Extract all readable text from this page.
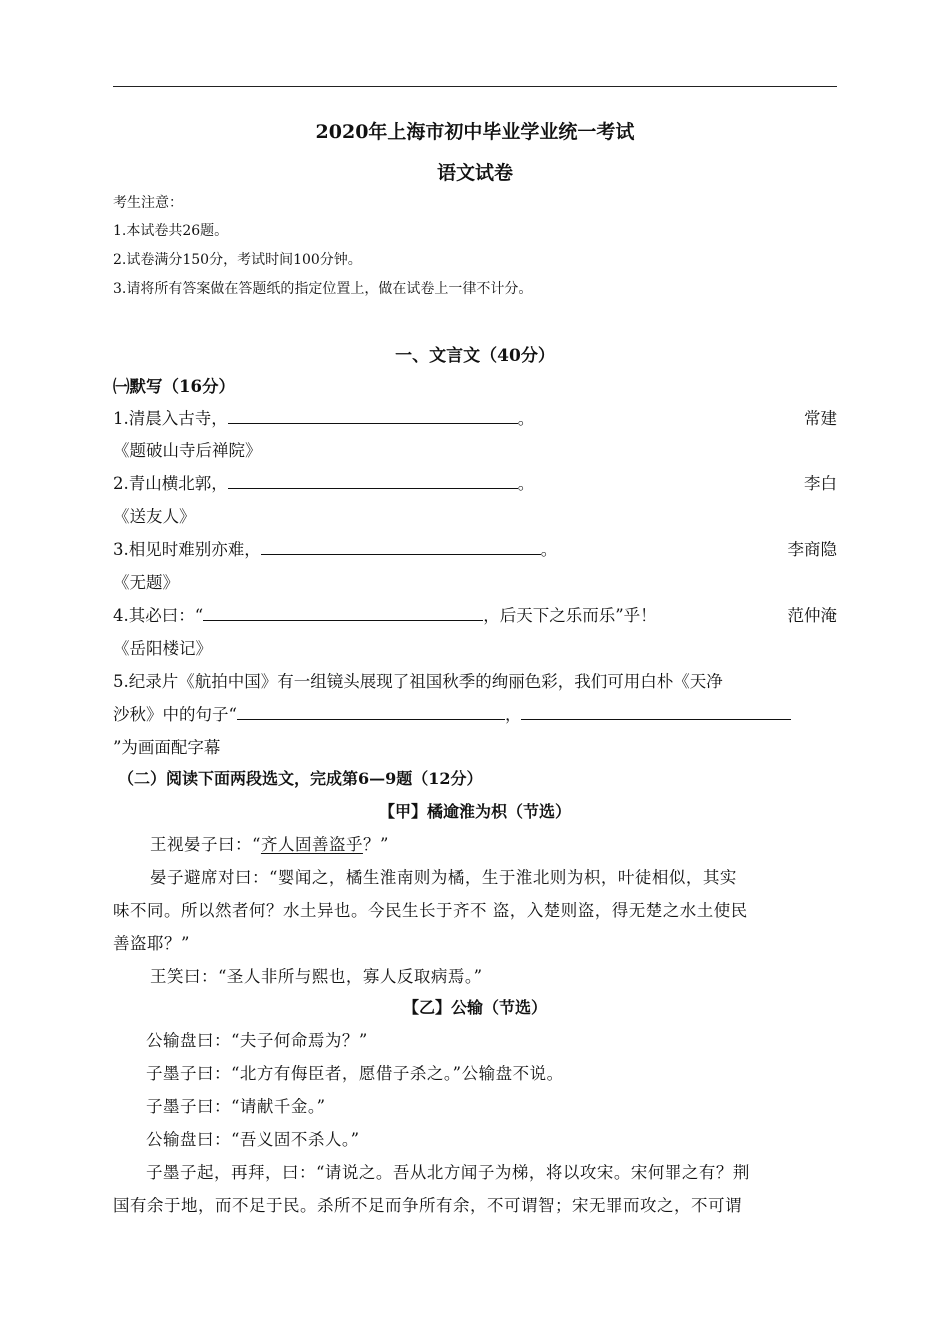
2020年上海市初中毕业学业统一考试
语文试卷
考生注意：
1.本试卷共26题。
2.试卷满分150分，考试时间100分钟。
3.请将所有答案做在答题纸的指定位置上，做在试卷上一律不计分。
一、文言文（40分）
㈠默写（16分）
1.清晨入古寺，	。	常建
《题破山寺后禅院》
2.青山横北郭，	。	李白
《送友人》
3.相见时难别亦难，	。	李商隐
《无题》
4.其必曰：“	，后天下之乐而乐”乎！	范仲淹
《岳阳楼记》
5.纪录片《航拍中国》有一组镜头展现了祖国秋季的绚丽色彩，我们可用白朴《天净
沙秋》中的句子“	，
”为画面配字幕
（二）阅读下面两段选文，完成第6—9题（12分）
【甲】橘逾淮为枳（节选）
王视晏子曰：“齐人固善盗乎？”
晏子避席对曰：“婴闻之，橘生淮南则为橘，生于淮北则为枳，叶徒相似，其实
味不同。所以然者何？水土异也。今民生长于齐不 盗，入楚则盗，得无楚之水土使民
善盗耶？”
王笑曰：“圣人非所与熙也，寡人反取病焉。”
【乙】公输（节选）
公输盘曰：“夫子何命焉为？”
子墨子曰：“北方有侮臣者，愿借子杀之。”公输盘不说。
子墨子曰：“请献千金。”
公输盘曰：“吾义固不杀人。”
子墨子起，再拜，曰：“请说之。吾从北方闻子为梯，将以攻宋。宋何罪之有？荆
国有余于地，而不足于民。杀所不足而争所有余，不可谓智；宋无罪而攻之，不可谓
